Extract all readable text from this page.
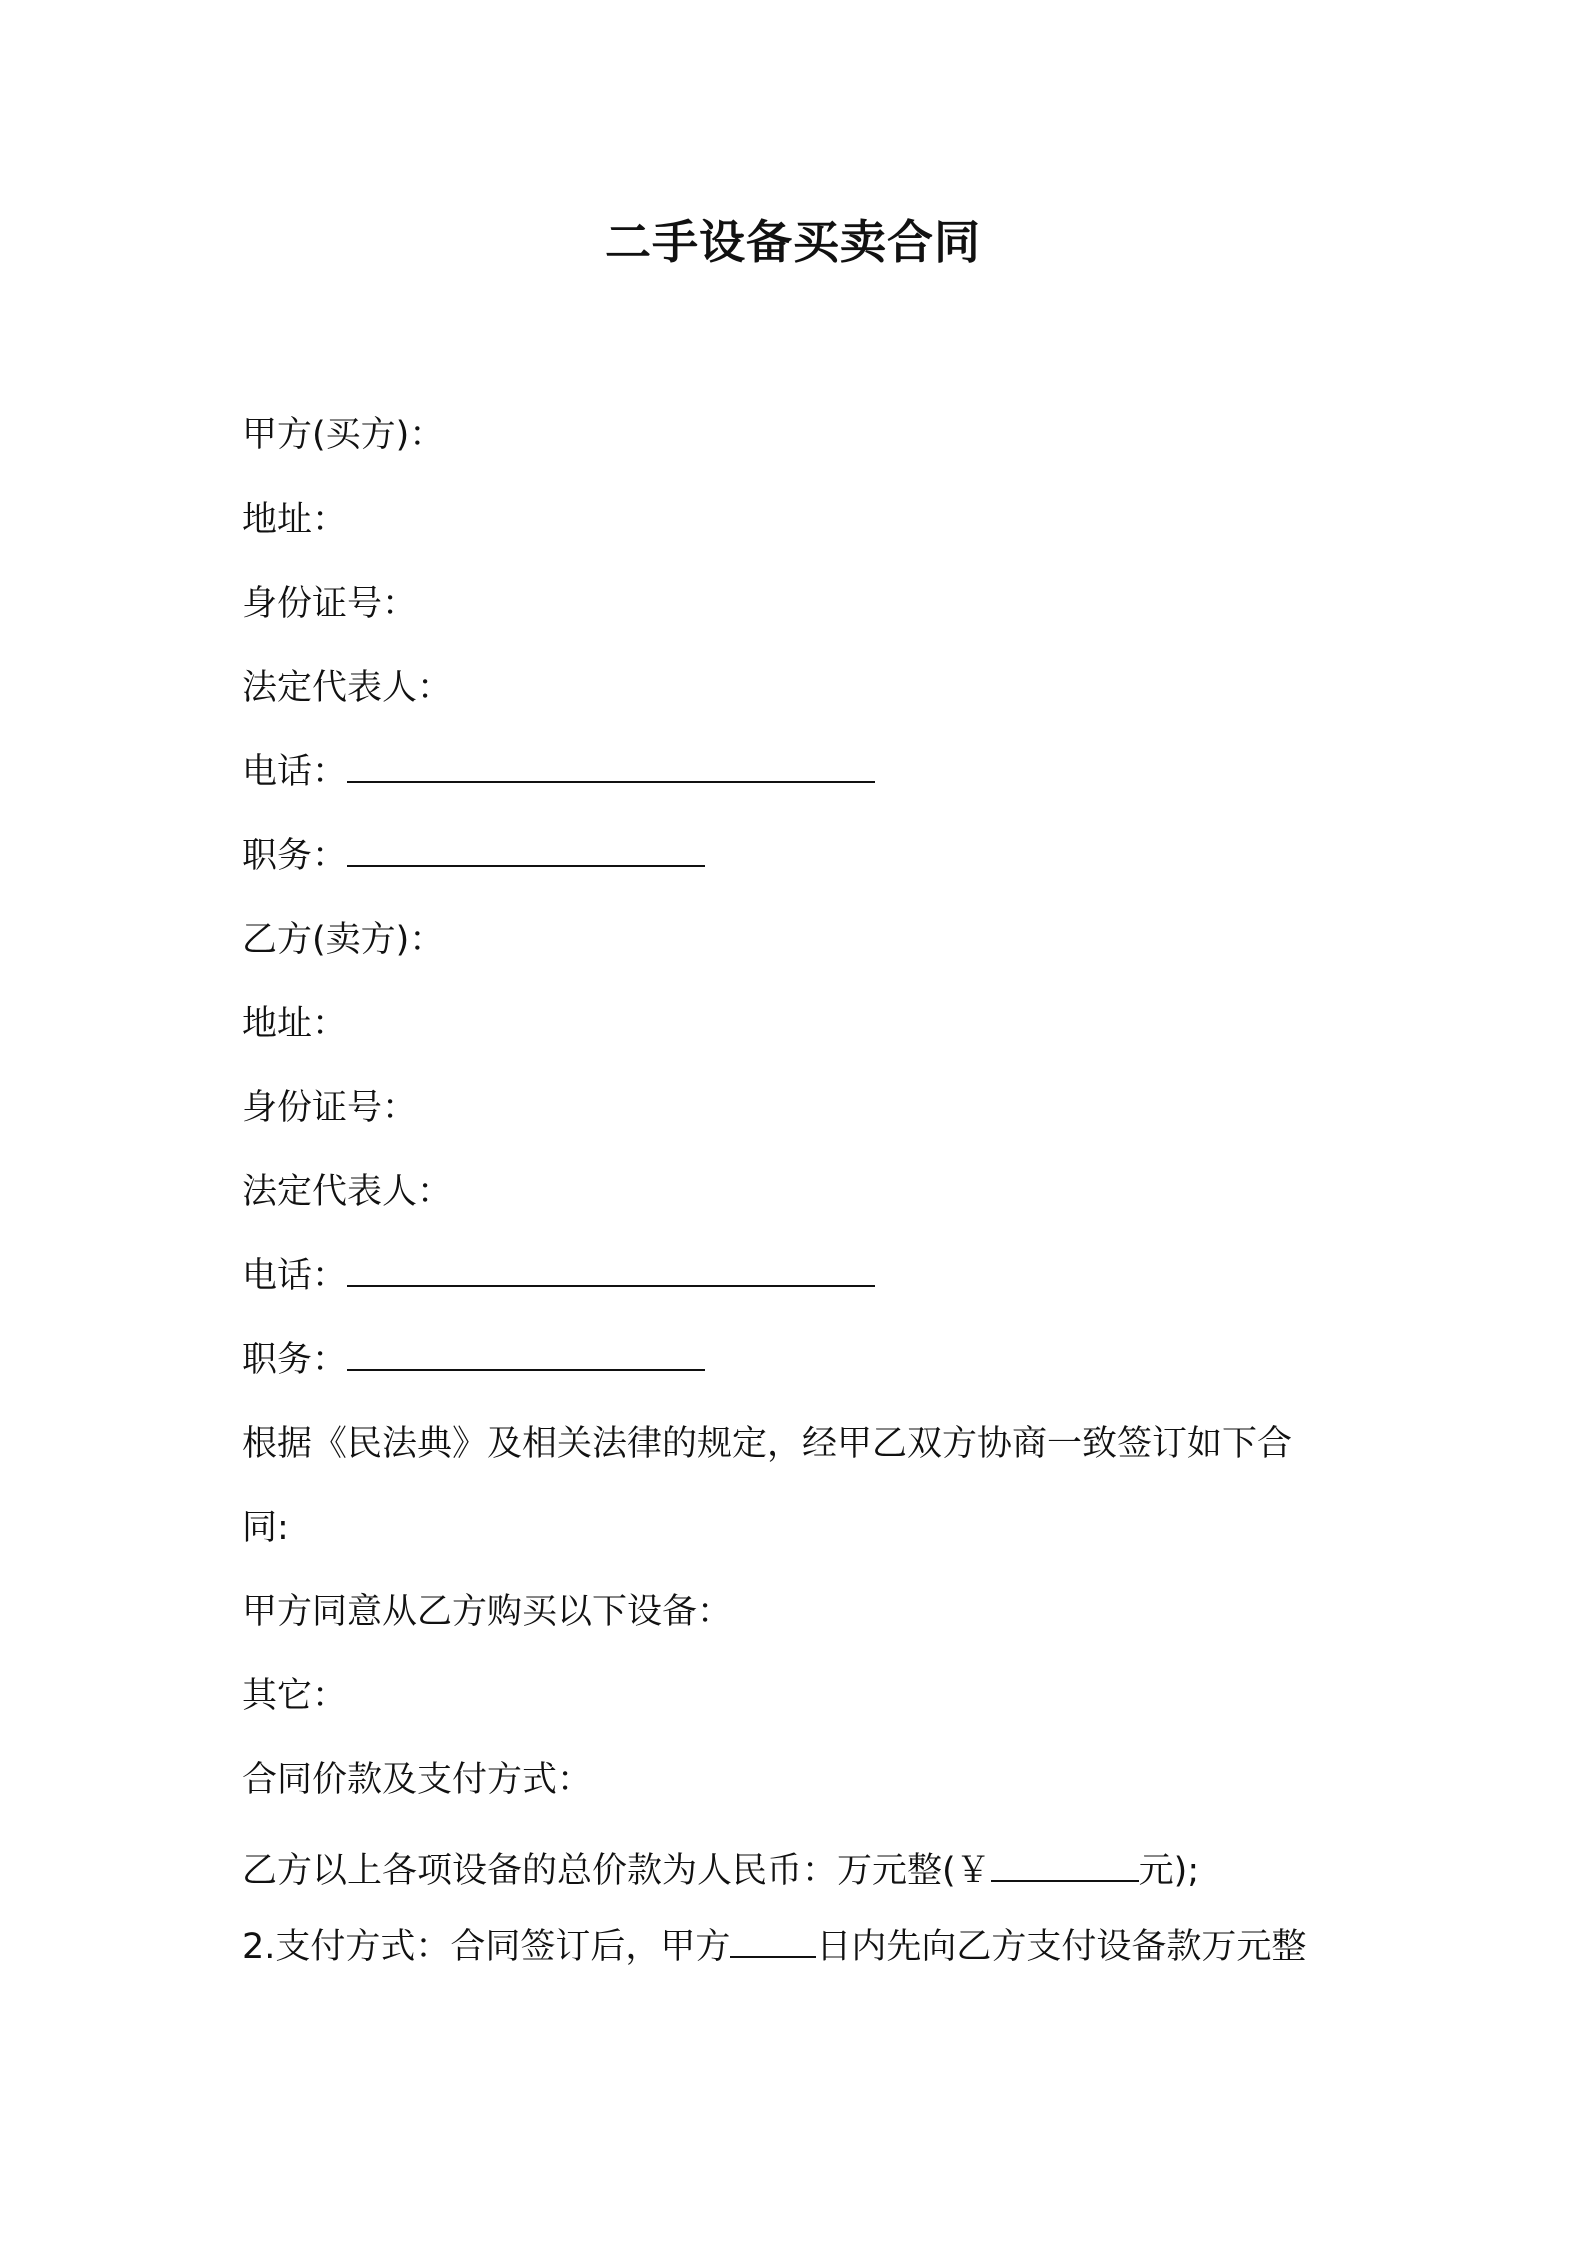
二手设备买卖合同
甲方(买方)：
地址：
身份证号：
法定代表人：
电话：
职务：
乙方(卖方)：
地址：
身份证号：
法定代表人：
电话：
职务：
根据《民法典》及相关法律的规定，经甲乙双方协商一致签订如下合
同:
甲方同意从乙方购买以下设备：
其它：
合同价款及支付方式：
乙方以上各项设备的总价款为人民币：万元整(￥	元);
2.支付方式：合同签订后，甲方 日内先向乙方支付设备款万元整
